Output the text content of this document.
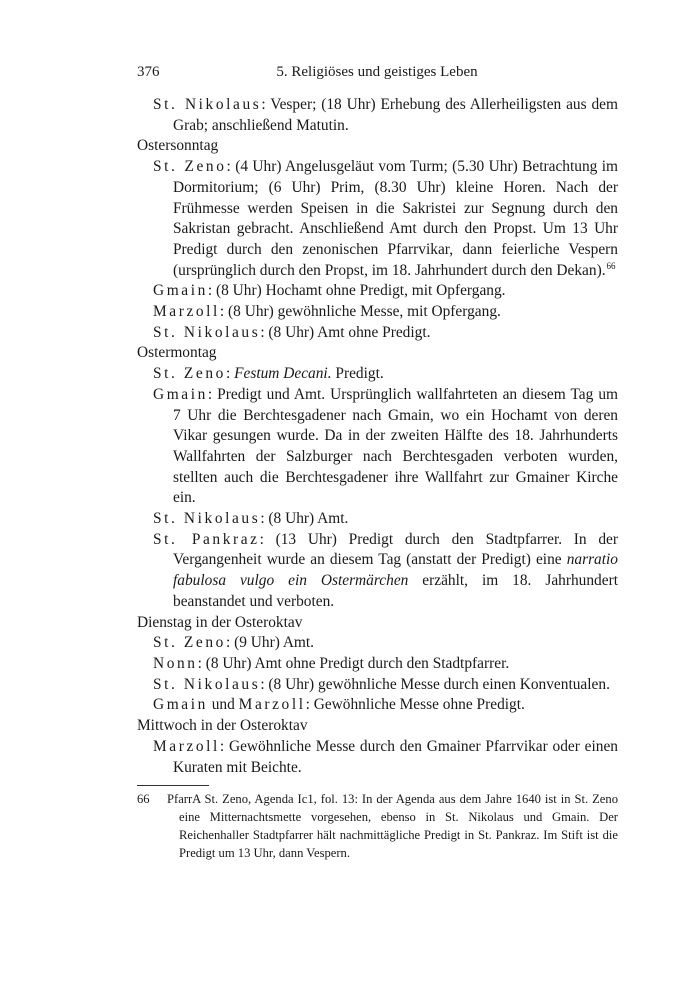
376	5. Religiöses und geistiges Leben

St. Nikolaus: Vesper; (18 Uhr) Erhebung des Allerheiligsten aus dem Grab; anschließend Matutin.

Ostersonntag

St. Zeno: (4 Uhr) Angelusgeläut vom Turm; (5.30 Uhr) Betrachtung im Dormitorium; (6 Uhr) Prim, (8.30 Uhr) kleine Horen. Nach der Frühmesse werden Speisen in die Sakristei zur Segnung durch den Sakristan gebracht. Anschließend Amt durch den Propst. Um 13 Uhr Predigt durch den zenonischen Pfarrvikar, dann feierliche Vespern (ursprünglich durch den Propst, im 18. Jahrhundert durch den Dekan).$^{66}$

Gmain: (8 Uhr) Hochamt ohne Predigt, mit Opfergang.

Marzoll: (8 Uhr) gewöhnliche Messe, mit Opfergang.

St. Nikolaus: (8 Uhr) Amt ohne Predigt.

Ostermontag

St. Zeno: Festum Decani. Predigt.

Gmain: Predigt und Amt. Ursprünglich wallfahrteten an diesem Tag um 7 Uhr die Berchtesgadener nach Gmain, wo ein Hochamt von deren Vikar gesungen wurde. Da in der zweiten Hälfte des 18. Jahrhunderts Wallfahrten der Salzburger nach Berchtesgaden verboten wurden, stellten auch die Berchtesgadener ihre Wallfahrt zur Gmainer Kirche ein.

St. Nikolaus: (8 Uhr) Amt.

St. Pankraz: (13 Uhr) Predigt durch den Stadtpfarrer. In der Vergangenheit wurde an diesem Tag (anstatt der Predigt) eine narratio fabulosa vulgo ein Ostermärchen erzählt, im 18. Jahrhundert beanstandet und verboten.

Dienstag in der Osteroktav

St. Zeno: (9 Uhr) Amt.

Nonn: (8 Uhr) Amt ohne Predigt durch den Stadtpfarrer.

St. Nikolaus: (8 Uhr) gewöhnliche Messe durch einen Konventualen.

Gmain und Marzoll: Gewöhnliche Messe ohne Predigt.

Mittwoch in der Osteroktav

Marzoll: Gewöhnliche Messe durch den Gmainer Pfarrvikar oder einen Kuraten mit Beichte.

66	PfarrA St. Zeno, Agenda Ic1, fol. 13: In der Agenda aus dem Jahre 1640 ist in St. Zeno eine Mitternachtsmette vorgesehen, ebenso in St. Nikolaus und Gmain. Der Reichenhaller Stadtpfarrer hält nachmittägliche Predigt in St. Pankraz. Im Stift ist die Predigt um 13 Uhr, dann Vespern.
